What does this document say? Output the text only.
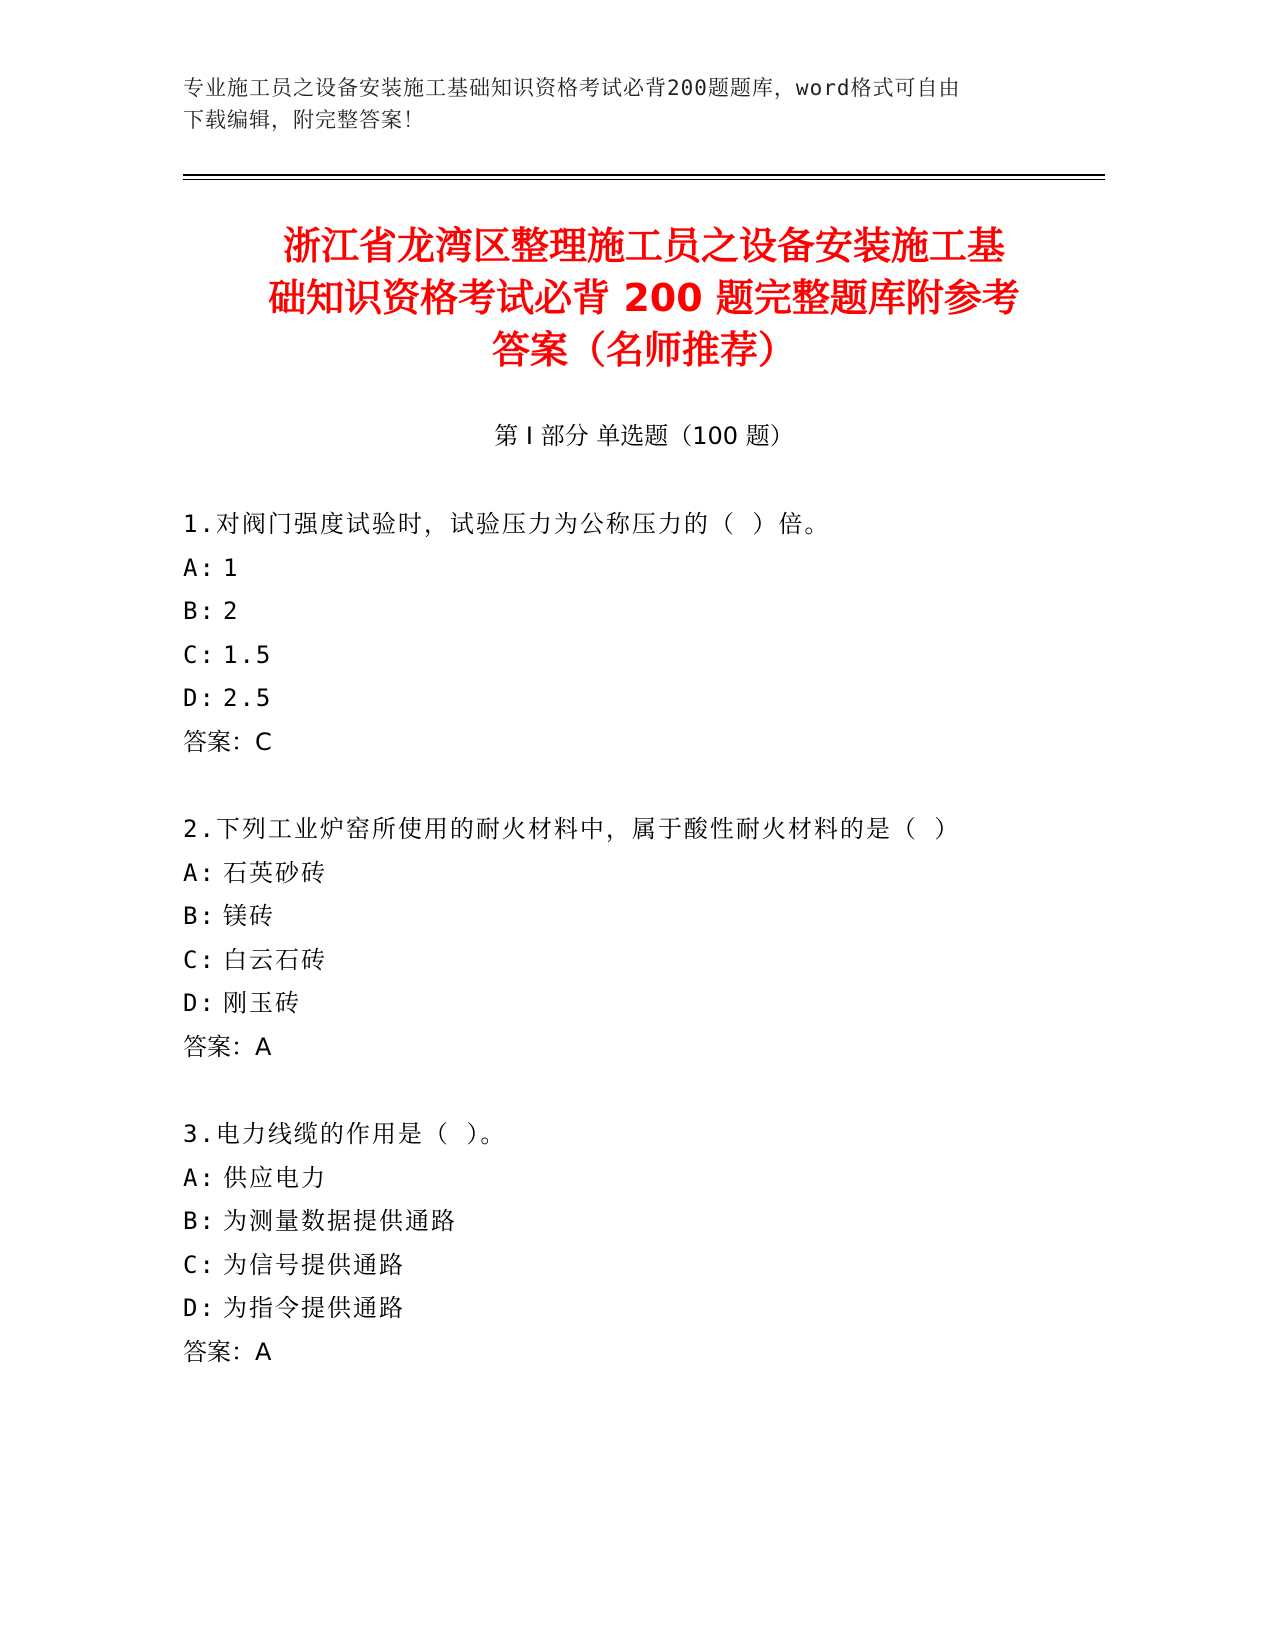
专业施工员之设备安装施工基础知识资格考试必背200题题库，word格式可自由
下载编辑，附完整答案！
浙江省龙湾区整理施工员之设备安装施工基
础知识资格考试必背 200 题完整题库附参考
答案（名师推荐）
第 I 部分 单选题（100 题）
1.对阀门强度试验时，试验压力为公称压力的（ ）倍。
A: 1
B: 2
C: 1.5
D: 2.5
答案：C
2.下列工业炉窑所使用的耐火材料中，属于酸性耐火材料的是（ ）
A: 石英砂砖
B: 镁砖
C: 白云石砖
D: 刚玉砖
答案：A
3.电力线缆的作用是（ ）。
A: 供应电力
B: 为测量数据提供通路
C: 为信号提供通路
D: 为指令提供通路
答案：A
